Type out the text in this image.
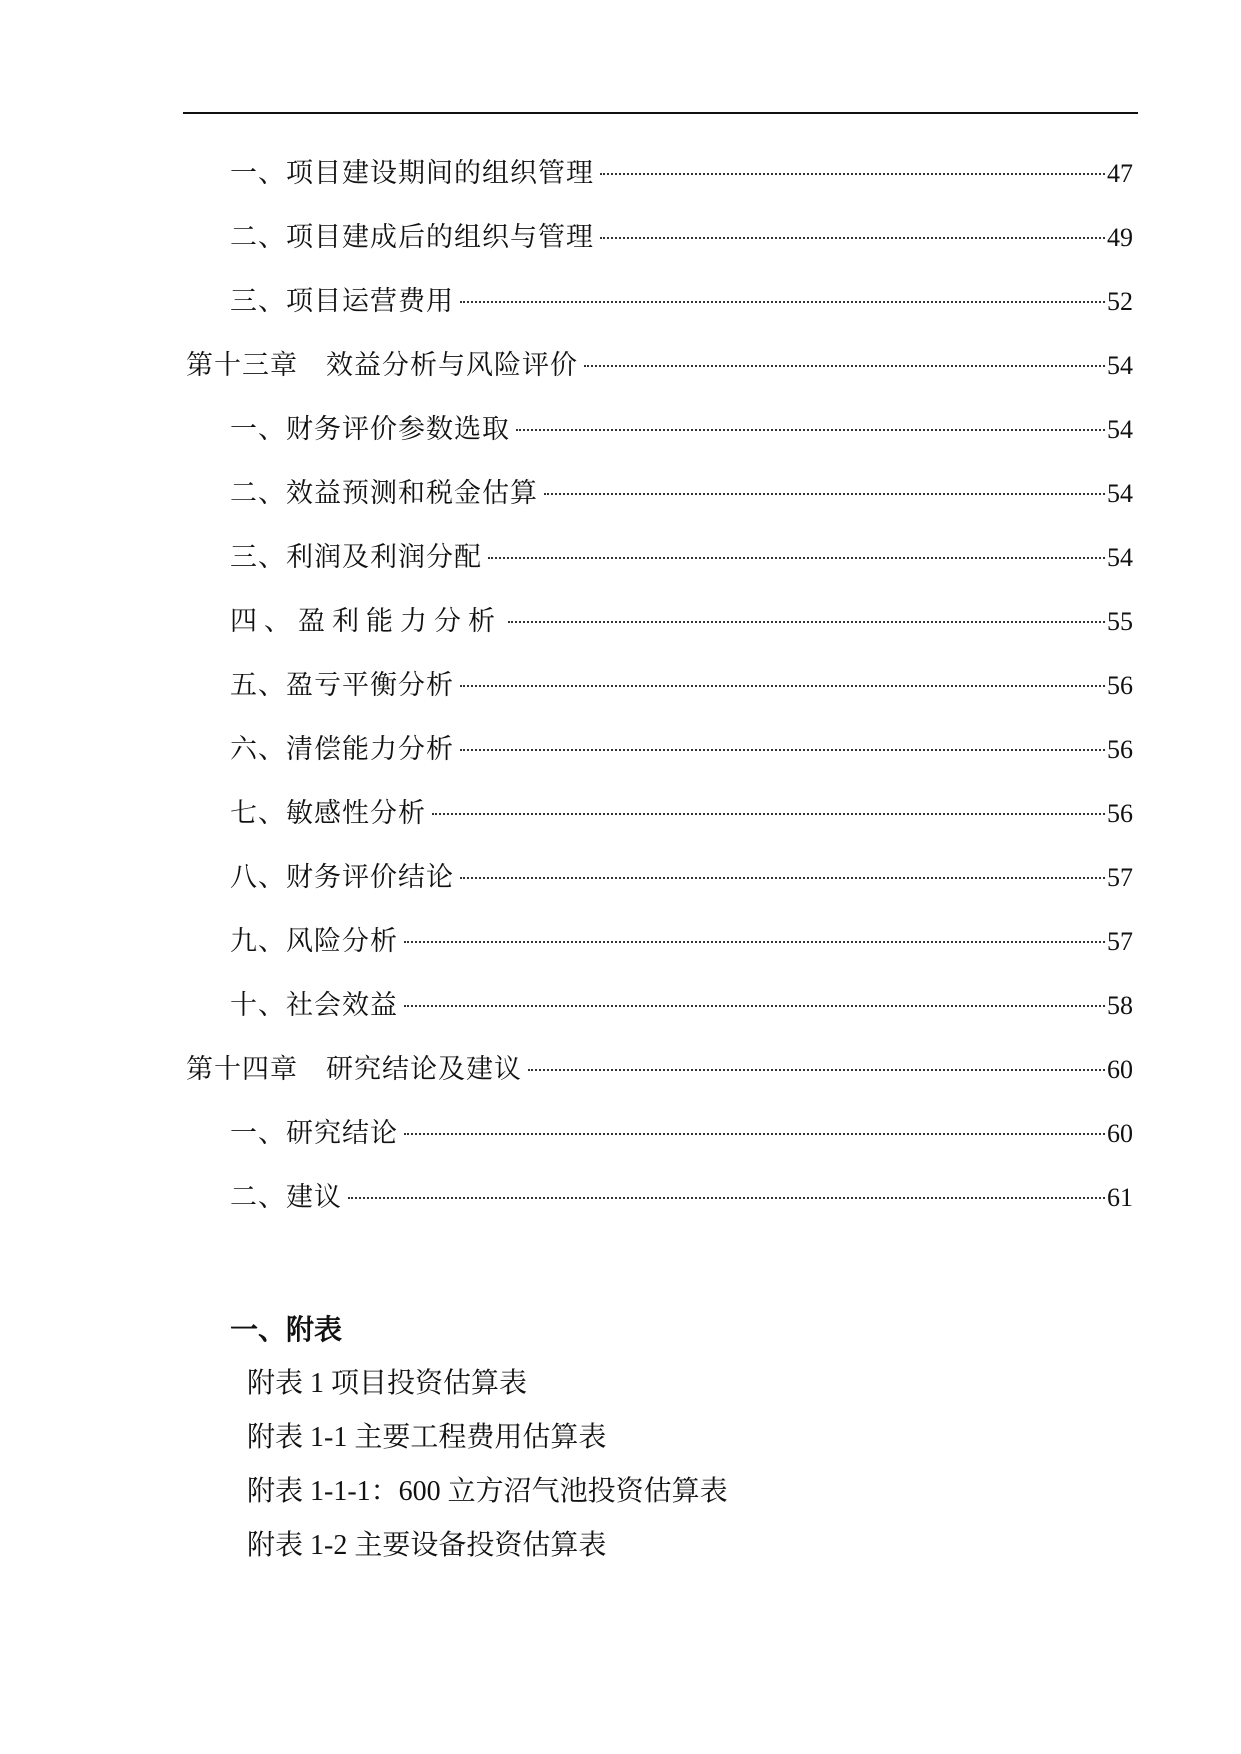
一、项目建设期间的组织管理	47
二、项目建成后的组织与管理	49
三、项目运营费用	52
第十三章　效益分析与风险评价	54
一、财务评价参数选取	54
二、效益预测和税金估算	54
三、利润及利润分配	54
四、盈利能力分析	55
五、盈亏平衡分析	56
六、清偿能力分析	56
七、敏感性分析	56
八、财务评价结论	57
九、风险分析	57
十、社会效益	58
第十四章　研究结论及建议	60
一、研究结论	60
二、建议	61
一、附表
附表 1 项目投资估算表
附表 1-1 主要工程费用估算表
附表 1-1-1：600 立方沼气池投资估算表
附表 1-2 主要设备投资估算表
